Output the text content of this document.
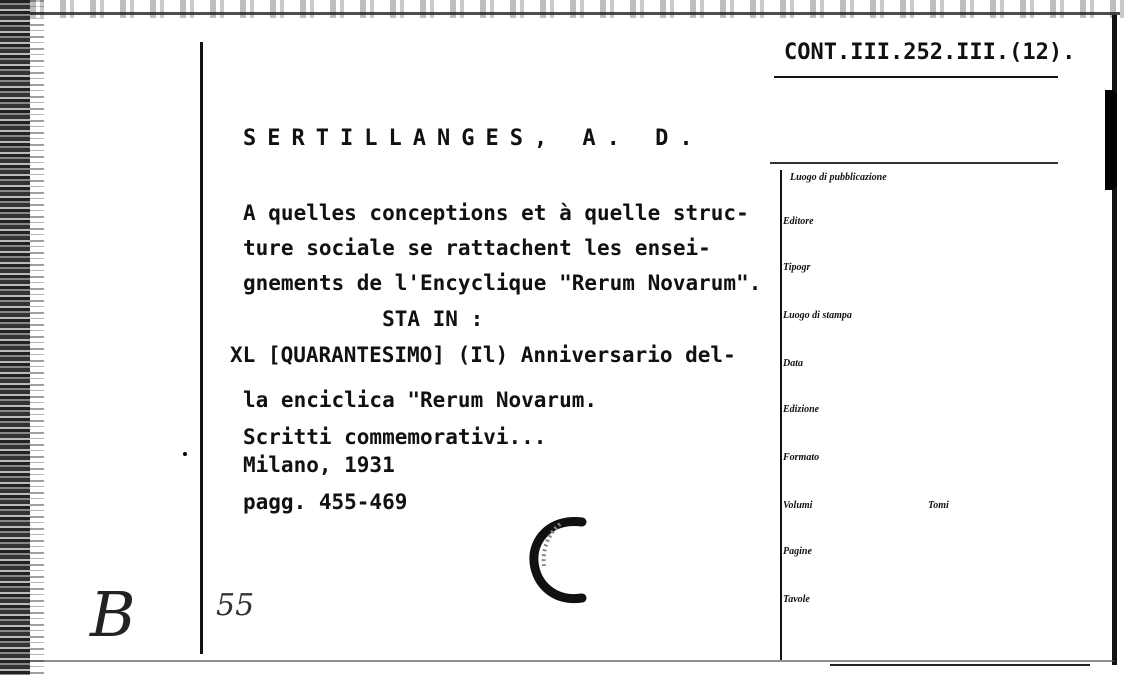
CONT.III.252.III.(12).
SERTILLANGES, A. D.
A quelles conceptions et à quelle struc-
ture sociale se rattachent les ensei-
gnements de l'Encyclique "Rerum Novarum".
STA IN :
XL [QUARANTESIMO] (Il) Anniversario del-
la enciclica "Rerum Novarum.
Scritti commemorativi...
Milano, 1931
pagg. 455-469
Luogo di pubblicazione
Editore
Tipogr
Luogo di stampa
Data
Edizione
Formato
Volumi	Tomi
Pagine
Tavole
B	55
